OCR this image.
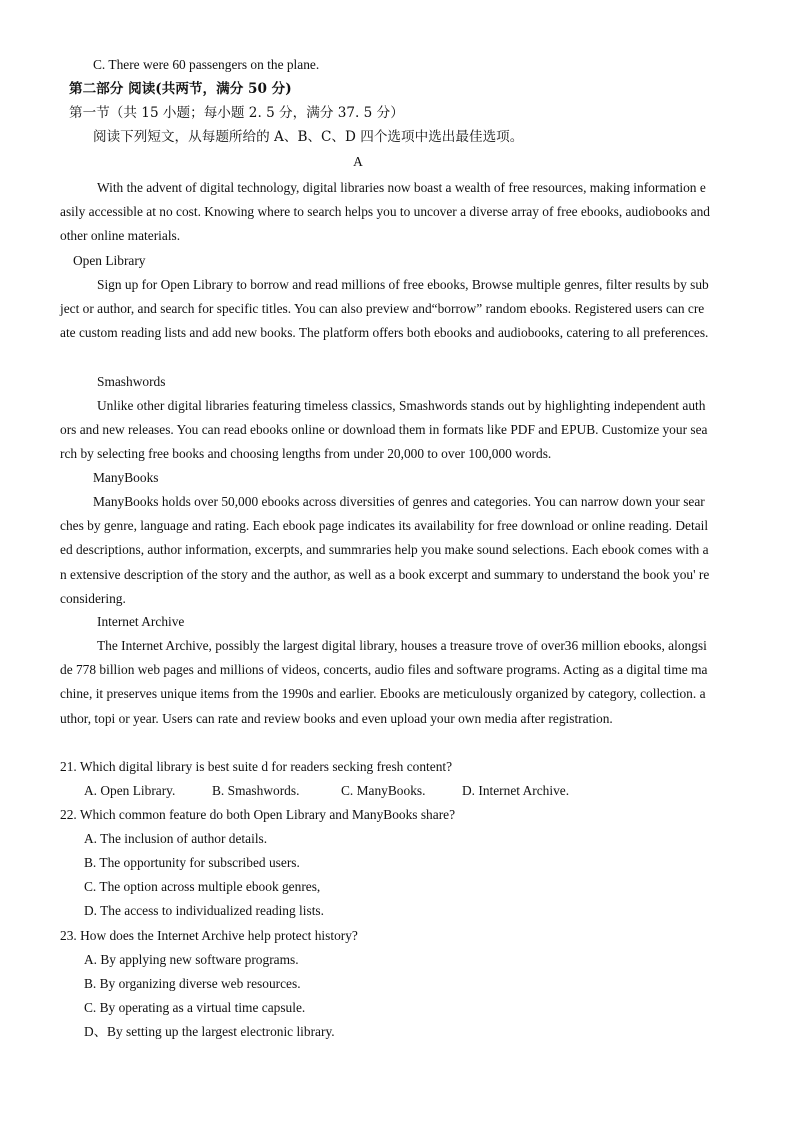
C. There were 60 passengers on the plane.
第二部分 阅读(共两节，满分 50 分)
第一节（共 15 小题；每小题 2. 5 分，满分 37. 5 分）
阅读下列短文，从每题所给的 A、B、C、D 四个选项中选出最佳选项。
A
With the advent of digital technology, digital libraries now boast a wealth of free resources, making information easily accessible at no cost. Knowing where to search helps you to uncover a diverse array of free ebooks, audiobooks and other online materials.
Open Library
Sign up for Open Library to borrow and read millions of free ebooks, Browse multiple genres, filter results by subject or author, and search for specific titles. You can also preview and“borrow” random ebooks. Registered users can create custom reading lists and add new books. The platform offers both ebooks and audiobooks, catering to all preferences.
Smashwords
Unlike other digital libraries featuring timeless classics, Smashwords stands out by highlighting independent authors and new releases. You can read ebooks online or download them in formats like PDF and EPUB. Customize your search by selecting free books and choosing lengths from under 20,000 to over 100,000 words.
ManyBooks
ManyBooks holds over 50,000 ebooks across diversities of genres and categories. You can narrow down your searches by genre, language and rating. Each ebook page indicates its availability for free download or online reading. Detailed descriptions, author information, excerpts, and summraries help you make sound selections. Each ebook comes with an extensive description of the story and the author, as well as a book excerpt and summary to understand the book you' re considering.
Internet Archive
The Internet Archive, possibly the largest digital library, houses a treasure trove of over36 million ebooks, alongside 778 billion web pages and millions of videos, concerts, audio files and software programs. Acting as a digital time machine, it preserves unique items from the 1990s and earlier. Ebooks are meticulously organized by category, collection. author, topi or year. Users can rate and review books and even upload your own media after registration.
21. Which digital library is best suite d for readers secking fresh content?
A. Open Library.	B. Smashwords.	C. ManyBooks.	D. Internet Archive.
22. Which common feature do both Open Library and ManyBooks share?
A. The inclusion of author details.
B. The opportunity for subscribed users.
C. The option across multiple ebook genres,
D. The access to individualized reading lists.
23. How does the Internet Archive help protect history?
A. By applying new software programs.
B. By organizing diverse web resources.
C. By operating as a virtual time capsule.
D、By setting up the largest electronic library.
